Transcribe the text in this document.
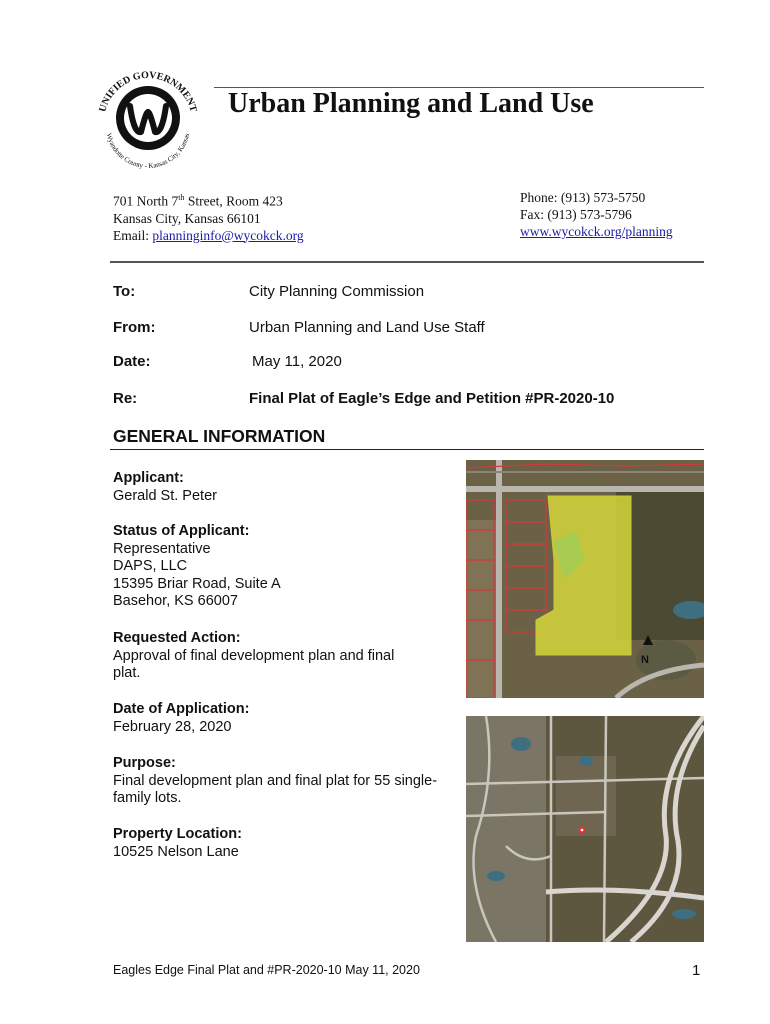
UNIFIED GOVERNMENT
Wyandotte County - Kansas City, Kansas
Urban Planning and Land Use
701 North 7th Street, Room 423
Kansas City, Kansas 66101
Email: planninginfo@wycokck.org
Phone: (913) 573-5750
Fax: (913) 573-5796
www.wycokck.org/planning
To:	City Planning Commission
From:	Urban Planning and Land Use Staff
Date:	May 11, 2020
Re:	Final Plat of Eagle’s Edge and Petition #PR-2020-10
GENERAL INFORMATION
Applicant:
Gerald St. Peter
Status of Applicant:
Representative
DAPS, LLC
15395 Briar Road, Suite A
Basehor, KS 66007
Requested Action:
Approval of final development plan and final
plat.
Date of Application:
February 28, 2020
Purpose:
Final development plan and final plat for 55 single-
family lots.
Property Location:
10525 Nelson Lane
N
Eagles Edge Final Plat and #PR-2020-10 May 11, 2020	1
